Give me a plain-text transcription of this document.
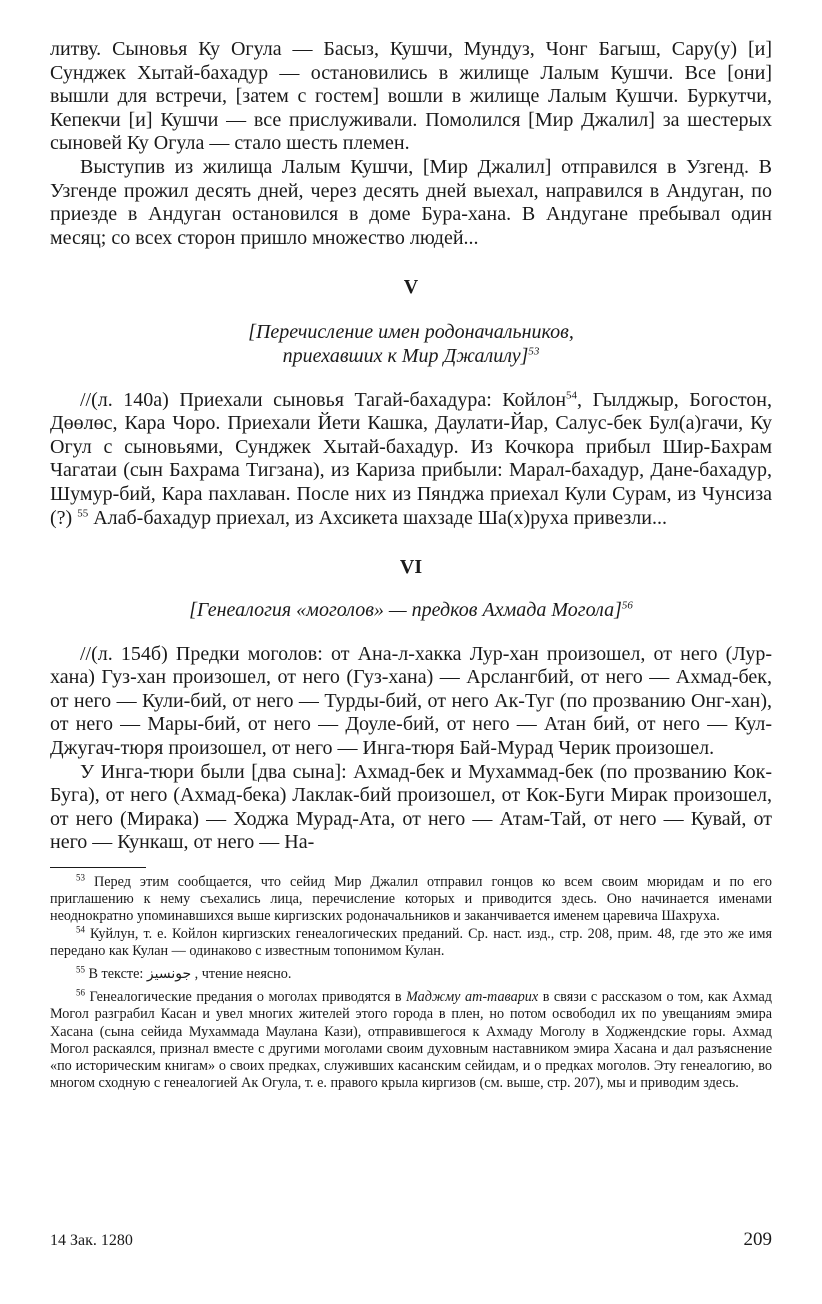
литву. Сыновья Ку Огула — Басыз, Кушчи, Мундуз, Чонг Багыш, Сару(у) [и] Сунджек Хытай-бахадур — остановились в жилище Лалым Кушчи. Все [они] вышли для встречи, [затем с гостем] вошли в жилище Лалым Кушчи. Буркутчи, Кепекчи [и] Кушчи — все прислуживали. Помолился [Мир Джалил] за шестерых сыновей Ку Огула — стало шесть племен.

Выступив из жилища Лалым Кушчи, [Мир Джалил] отправился в Узгенд. В Узгенде прожил десять дней, через десять дней выехал, направился в Андуган, по приезде в Андуган остановился в доме Бура-хана. В Андугане пребывал один месяц; со всех сторон пришло множество людей...

V

[Перечисление имен родоначальников,
приехавших к Мир Джалилу]$^{53}$

//(л. 140а) Приехали сыновья Тагай-бахадура: Койлон$^{54}$, Гылджыр, Богостон, Дөөлөс, Кара Чоро. Приехали Йети Кашка, Даулати-Йар, Салус-бек Бул(а)гачи, Ку Огул с сыновьями, Сунджек Хытай-бахадур. Из Кочкора прибыл Шир-Бахрам Чагатаи (сын Бахрама Тигзана), из Кариза прибыли: Марал-бахадур, Дане-бахадур, Шумур-бий, Кара пахлаван. После них из Пянджа приехал Кули Сурам, из Чунсиза (?) $^{55}$ Алаб-бахадур приехал, из Ахсикета шахзаде Ша(х)руха привезли...

VI

[Генеалогия «моголов» — предков Ахмада Могола]$^{56}$

//(л. 154б) Предки моголов: от Ана-л-хакка Лур-хан произошел, от него (Лур-хана) Гуз-хан произошел, от него (Гуз-хана) — Арслангбий, от него — Ахмад-бек, от него — Кули-бий, от него — Турды-бий, от него Ак-Туг (по прозванию Онг-хан), от него — Мары-бий, от него — Доуле-бий, от него — Атан бий, от него — Кул-Джугач-тюря произошел, от него — Инга-тюря Бай-Мурад Черик произошел.

У Инга-тюри были [два сына]: Ахмад-бек и Мухаммад-бек (по прозванию Кок-Буга), от него (Ахмад-бека) Лаклак-бий произошел, от Кок-Буги Мирак произошел, от него (Мирака) — Ходжа Мурад-Ата, от него — Атам-Тай, от него — Кувай, от него — Кункаш, от него — На-

$^{53}$ Перед этим сообщается, что сейид Мир Джалил отправил гонцов ко всем своим мюридам и по его приглашению к нему съехались лица, перечисление которых и приводится здесь. Оно начинается именами неоднократно упоминавшихся выше киргизских родоначальников и заканчивается именем царевича Шахруха.

$^{54}$ Куйлун, т. е. Койлон киргизских генеалогических преданий. Ср. наст. изд., стр. 208, прим. 48, где это же имя передано как Кулан — одинаково с известным топонимом Кулан.

$^{55}$ В тексте: جونسيز , чтение неясно.

$^{56}$ Генеалогические предания о моголах приводятся в Маджму ат-таварих в связи с рассказом о том, как Ахмад Могол разграбил Касан и увел многих жителей этого города в плен, но потом освободил их по увещаниям эмира Хасана (сына сейида Мухаммада Маулана Кази), отправившегося к Ахмаду Моголу в Ходжендские горы. Ахмад Могол раскаялся, признал вместе с другими моголами своим духовным наставником эмира Хасана и дал разъяснение «по историческим книгам» о своих предках, служивших касанским сейидам, и о предках моголов. Эту генеалогию, во многом сходную с генеалогией Ак Огула, т. е. правого крыла киргизов (см. выше, стр. 207), мы и приводим здесь.

14 Зак. 1280	209
